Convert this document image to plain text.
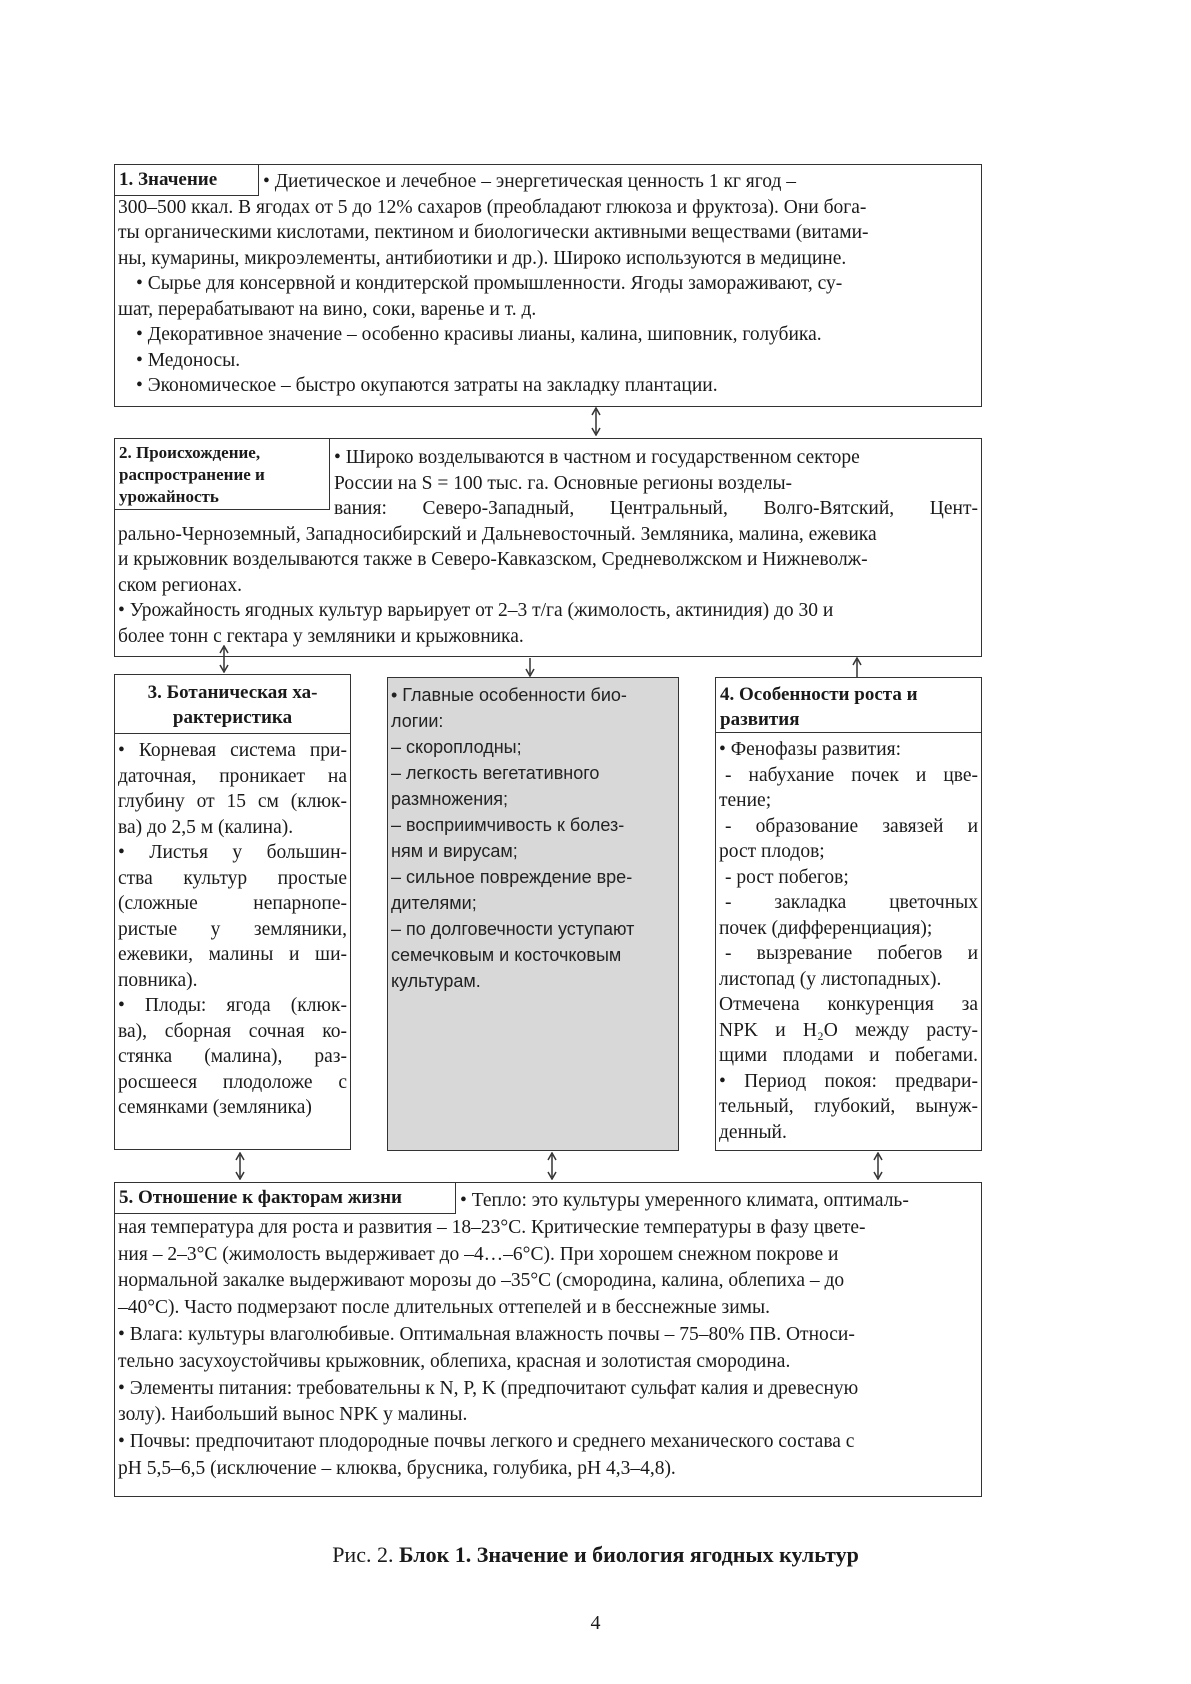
1. Значение	• Диетическое и лечебное – энергетическая ценность 1 кг ягод –

300–500 ккал. В ягодах от 5 до 12% сахаров (преобладают глюкоза и фруктоза). Они бога-

ты органическими кислотами, пектином и биологически активными веществами (витами-

ны, кумарины, микроэлементы, антибиотики и др.). Широко используются в медицине.

• Сырье для консервной и кондитерской промышленности. Ягоды замораживают, су-

шат, перерабатывают на вино, соки, варенье и т. д.

• Декоративное значение – особенно красивы лианы, калина, шиповник, голубика.

• Медоносы.

• Экономическое – быстро окупаются затраты на закладку плантации.

2. Происхождение,
распространение и
урожайность

• Широко возделываются в частном и государственном секторе

России на S = 100 тыс. га. Основные регионы возделы-

вания: Северо-Западный, Центральный, Волго-Вятский, Цент-

рально-Черноземный, Западносибирский и Дальневосточный. Земляника, малина, ежевика

и крыжовник возделываются также в Северо-Кавказском, Средневолжском и Нижневолж-

ском регионах.

• Урожайность ягодных культур варьирует от 2–3 т/га (жимолость, актинидия) до 30 и

более тонн с гектара у земляники и крыжовника.

3. Ботаническая ха-
рактеристика

• Корневая система при-

даточная, проникает на

глубину от 15 см (клюк-

ва) до 2,5 м (калина).

• Листья у большин-

ства культур простые

(сложные непарнопе-

ристые у земляники,

ежевики, малины и ши-

повника).

• Плоды: ягода (клюк-

ва), сборная сочная ко-

стянка (малина), раз-

росшееся плодоложе с

семянками (земляника)

• Главные особенности био-

логии:

– скороплодны;

– легкость вегетативного

размножения;

– восприимчивость к болез-

ням и вирусам;

– сильное повреждение вре-

дителями;

– по долговечности уступают

семечковым и косточковым

культурам.

4. Особенности роста и
развития

• Фенофазы развития:

- набухание почек и цве-

тение;

- образование завязей и

рост плодов;

- рост побегов;

- закладка цветочных

почек (дифференциация);

- вызревание побегов и

листопад (у листопадных).

Отмечена конкуренция за

NPK и H₂O между расту-

щими плодами и побегами.

• Период покоя: предвари-

тельный, глубокий, вынуж-

денный.

5. Отношение к факторам жизни	• Тепло: это культуры умеренного климата, оптималь-

ная температура для роста и развития – 18–23°С. Критические температуры в фазу цвете-

ния – 2–3°С (жимолость выдерживает до –4…–6°С). При хорошем снежном покрове и

нормальной закалке выдерживают морозы до –35°С (смородина, калина, облепиха – до

–40°С). Часто подмерзают после длительных оттепелей и в бесснежные зимы.

• Влага: культуры влаголюбивые. Оптимальная влажность почвы – 75–80% ПВ. Относи-

тельно засухоустойчивы крыжовник, облепиха, красная и золотистая смородина.

• Элементы питания: требовательны к N, P, K (предпочитают сульфат калия и древесную

золу). Наибольший вынос NPK у малины.

• Почвы: предпочитают плодородные почвы легкого и среднего механического состава с

pH 5,5–6,5 (исключение – клюква, брусника, голубика, pH 4,3–4,8).

Рис. 2. Блок 1. Значение и биология ягодных культур
4
